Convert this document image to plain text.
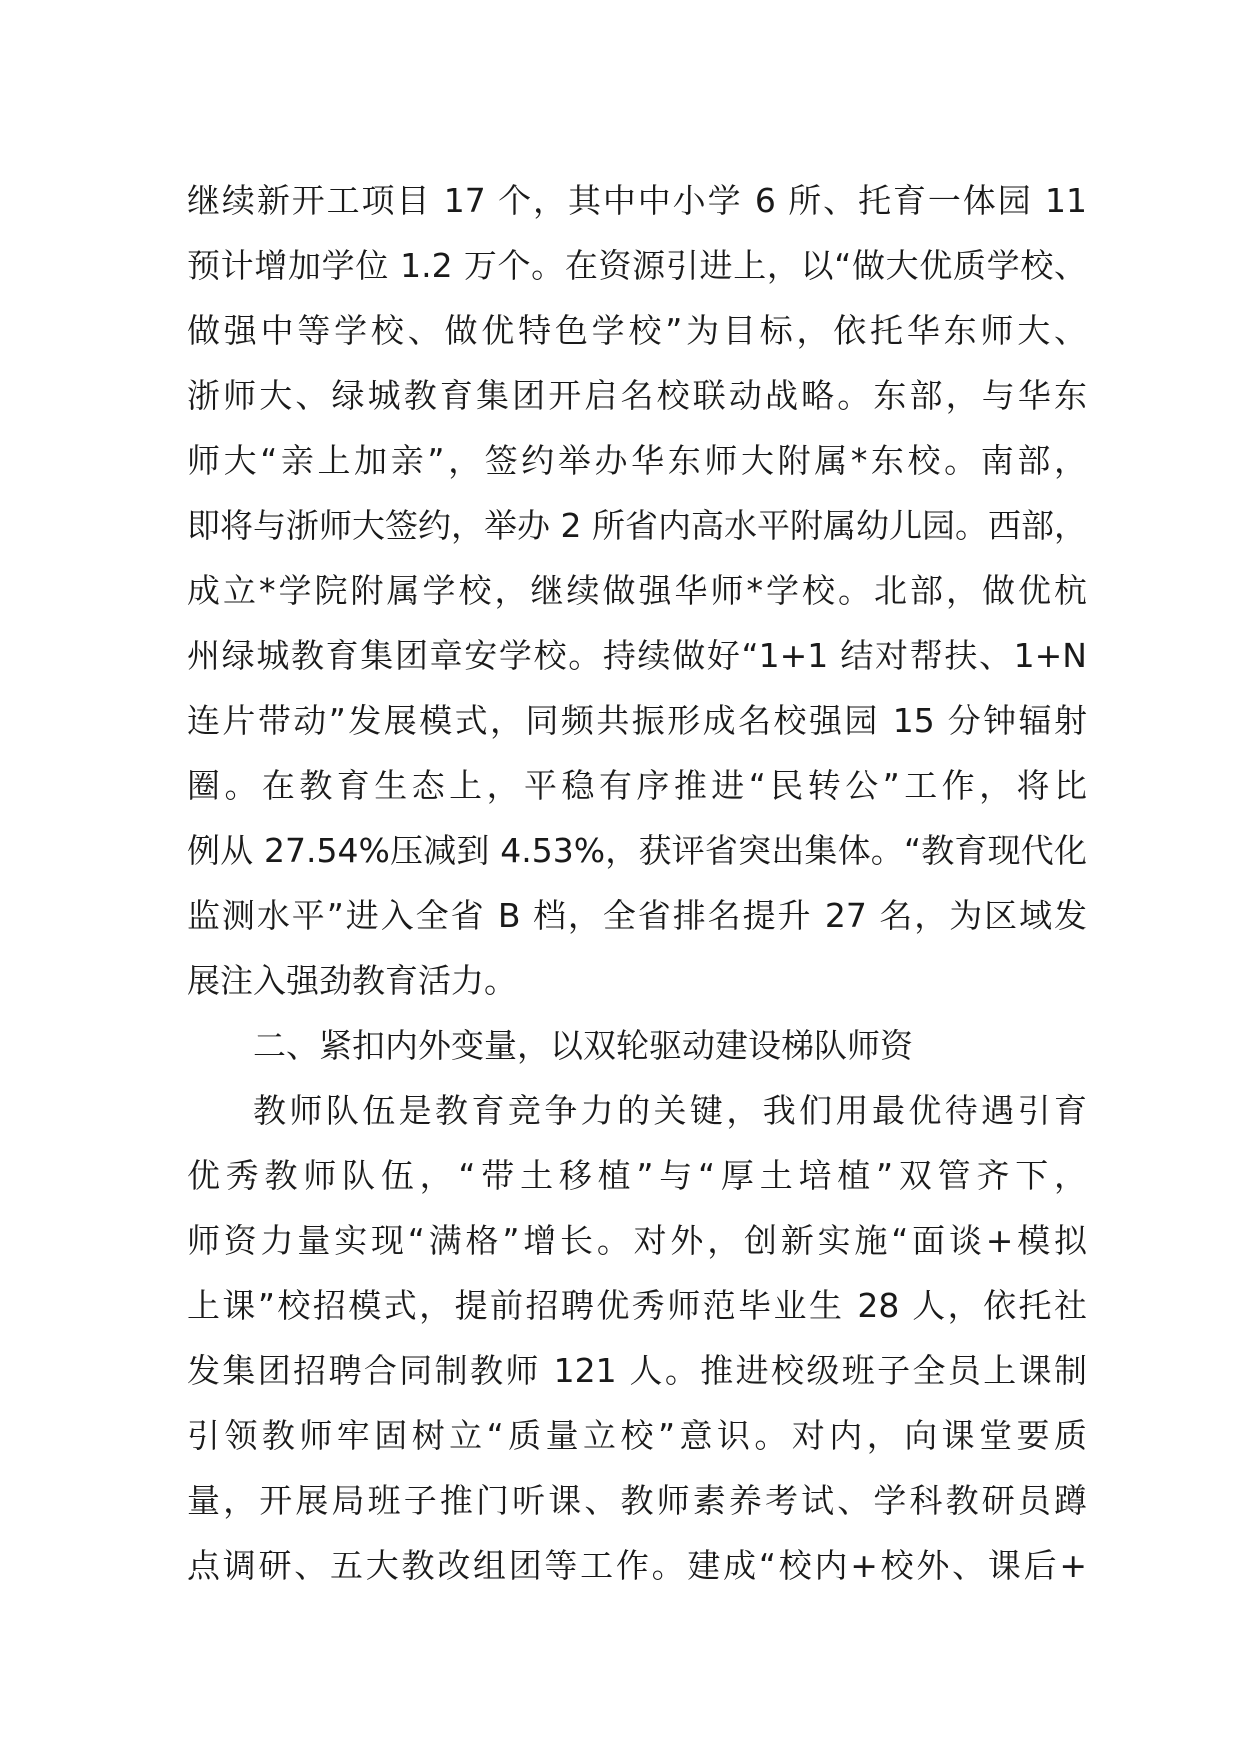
继续新开工项目 17 个，其中中小学 6 所、托育一体园 11
预计增加学位 1.2 万个。在资源引进上，以“做大优质学校、
做强中等学校、做优特色学校”为目标，依托华东师大、
浙师大、绿城教育集团开启名校联动战略。东部，与华东
师大“亲上加亲”，签约举办华东师大附属*东校。南部，
即将与浙师大签约，举办 2 所省内高水平附属幼儿园。西部，
成立*学院附属学校，继续做强华师*学校。北部，做优杭
州绿城教育集团章安学校。持续做好“1+1 结对帮扶、1+N
连片带动”发展模式，同频共振形成名校强园 15 分钟辐射
圈。在教育生态上，平稳有序推进“民转公”工作，将比
例从 27.54%压减到 4.53%，获评省突出集体。“教育现代化
监测水平”进入全省 B 档，全省排名提升 27 名，为区域发
展注入强劲教育活力。
二、紧扣内外变量，以双轮驱动建设梯队师资
教师队伍是教育竞争力的关键，我们用最优待遇引育
优秀教师队伍，“带土移植”与“厚土培植”双管齐下，
师资力量实现“满格”增长。对外，创新实施“面谈+模拟
上课”校招模式，提前招聘优秀师范毕业生 28 人，依托社
发集团招聘合同制教师 121 人。推进校级班子全员上课制
引领教师牢固树立“质量立校”意识。对内，向课堂要质
量，开展局班子推门听课、教师素养考试、学科教研员蹲
点调研、五大教改组团等工作。建成“校内+校外、课后+
